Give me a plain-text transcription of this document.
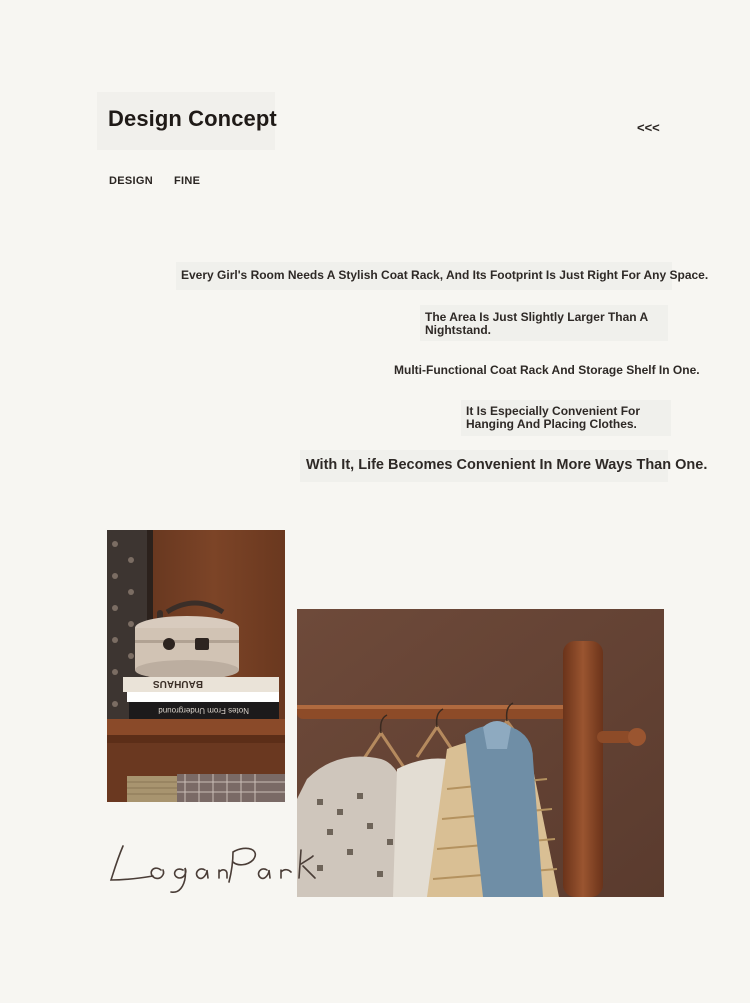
Design Concept	<<<
DESIGN FINE
Every Girl's Room Needs A Stylish Coat Rack, And Its Footprint Is Just Right For Any Space.
The Area Is Just Slightly Larger Than A
Nightstand.
Multi-Functional Coat Rack And Storage Shelf In One.
It Is Especially Convenient For
Hanging And Placing Clothes.
With It, Life Becomes Convenient In More Ways Than One.
BAUHAUS
Notes From Underground
